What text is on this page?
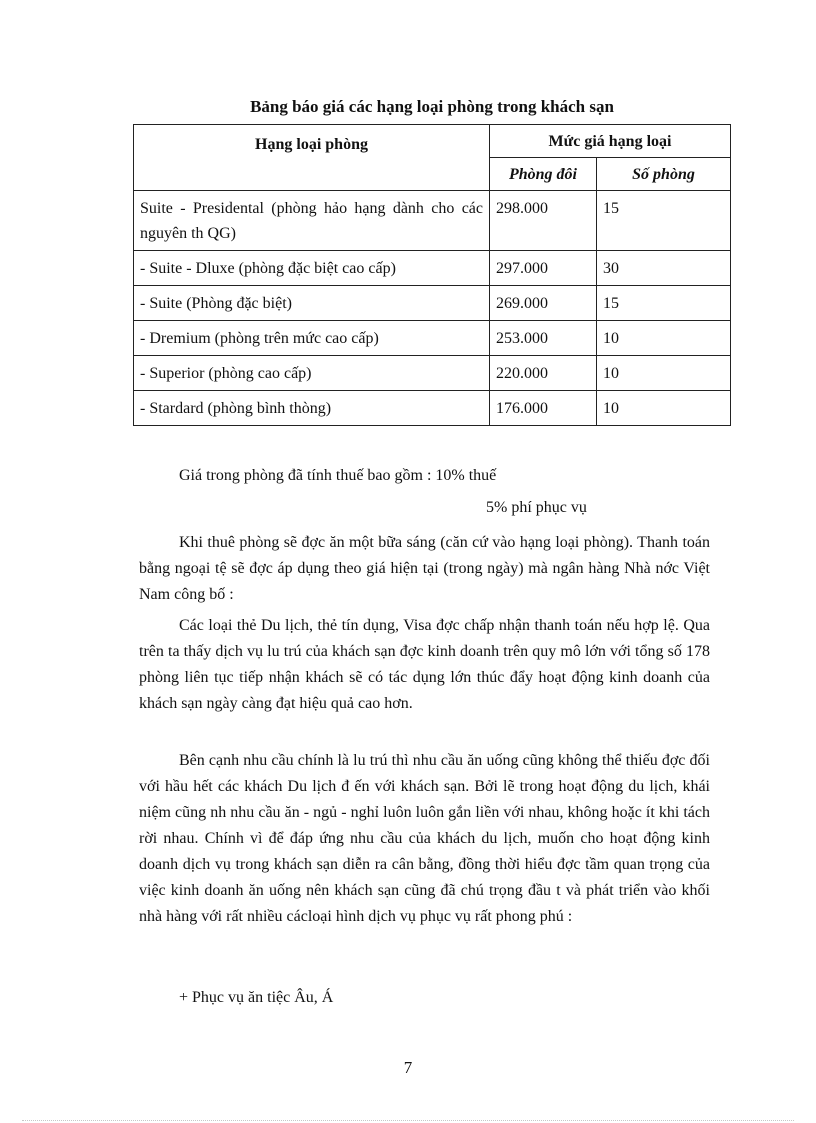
Bảng báo giá các hạng loại phòng trong khách sạn
Hạng loại phòng	Mức giá hạng loại	
	Phòng đôi	Số phòng
Suite - Presidental (phòng hảo hạng dành cho các nguyên th QG)	298.000	15
- Suite - Dluxe (phòng đặc biệt cao cấp)	297.000	30
- Suite (Phòng đặc biệt)	269.000	15
- Dremium (phòng trên mức cao cấp)	253.000	10
- Superior (phòng cao cấp)	220.000	10
- Stardard (phòng bình thòng)	176.000	10

Giá trong phòng đã tính thuế bao gồm : 10% thuế

5% phí phục vụ

Khi thuê phòng sẽ đợc ăn một bữa sáng (căn cứ vào hạng loại phòng). Thanh toán bằng ngoại tệ sẽ đợc áp dụng theo giá hiện tại (trong ngày) mà ngân hàng Nhà nớc Việt Nam công bố :

Các loại thẻ Du lịch, thẻ tín dụng, Visa đợc chấp nhận thanh toán nếu hợp lệ. Qua trên ta thấy dịch vụ lu trú của khách sạn đợc kinh doanh trên quy mô lớn với tổng số 178 phòng liên tục tiếp nhận khách sẽ có tác dụng lớn thúc đẩy hoạt động kinh doanh của khách sạn ngày càng đạt hiệu quả cao hơn.

Bên cạnh nhu cầu chính là lu trú thì nhu cầu ăn uống cũng không thể thiếu đợc đối với hầu hết các khách Du lịch đ ến với khách sạn. Bởi lẽ trong hoạt động du lịch, khái niệm cũng nh nhu cầu ăn - ngủ - nghỉ luôn luôn gắn liền với nhau, không hoặc ít khi tách rời nhau. Chính vì để đáp ứng nhu cầu của khách du lịch, muốn cho hoạt động kinh doanh dịch vụ trong khách sạn diễn ra cân bằng, đồng thời hiểu đợc tầm quan trọng của việc kinh doanh ăn uống nên khách sạn cũng đã chú trọng đầu t và phát triển vào khối nhà hàng với rất nhiều cácloại hình dịch vụ phục vụ rất phong phú :

+ Phục vụ ăn tiệc Âu, Á

7
